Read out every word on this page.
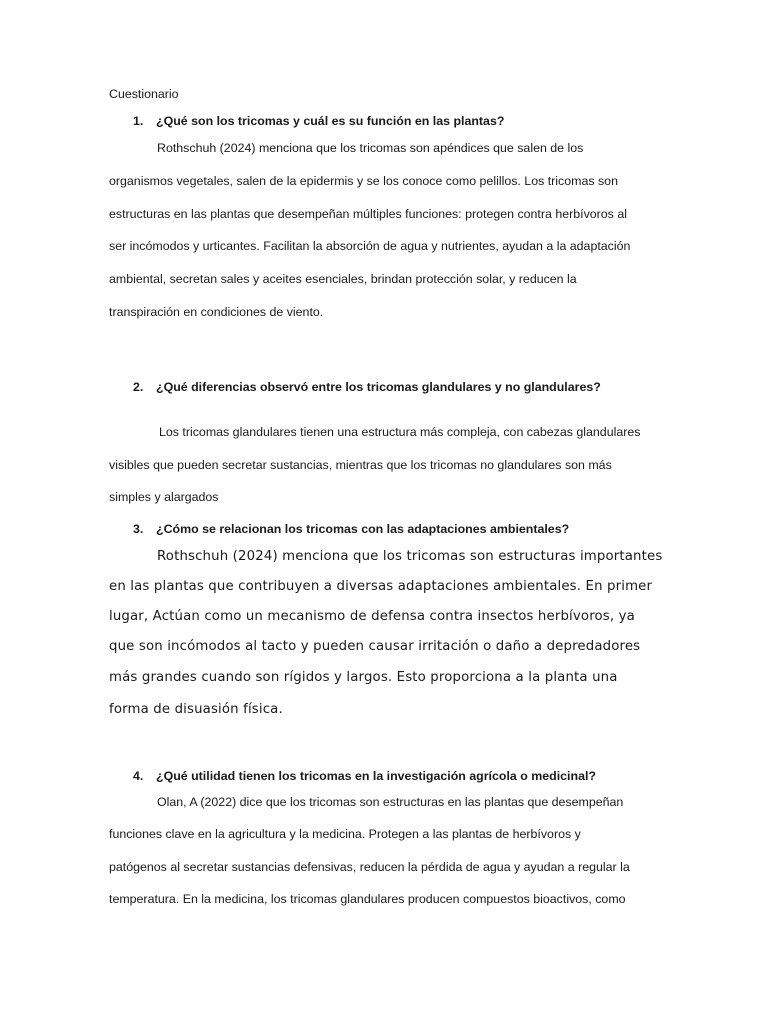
Cuestionario
1. ¿Qué son los tricomas y cuál es su función en las plantas?
Rothschuh (2024) menciona que los tricomas son apéndices que salen de los
organismos vegetales, salen de la epidermis y se los conoce como pelillos. Los tricomas son
estructuras en las plantas que desempeñan múltiples funciones: protegen contra herbívoros al
ser incómodos y urticantes. Facilitan la absorción de agua y nutrientes, ayudan a la adaptación
ambiental, secretan sales y aceites esenciales, brindan protección solar, y reducen la
transpiración en condiciones de viento.
2. ¿Qué diferencias observó entre los tricomas glandulares y no glandulares?
Los tricomas glandulares tienen una estructura más compleja, con cabezas glandulares
visibles que pueden secretar sustancias, mientras que los tricomas no glandulares son más
simples y alargados
3. ¿Cómo se relacionan los tricomas con las adaptaciones ambientales?
Rothschuh (2024) menciona que los tricomas son estructuras importantes
en las plantas que contribuyen a diversas adaptaciones ambientales. En primer
lugar, Actúan como un mecanismo de defensa contra insectos herbívoros, ya
que son incómodos al tacto y pueden causar irritación o daño a depredadores
más grandes cuando son rígidos y largos. Esto proporciona a la planta una
forma de disuasión física.
4. ¿Qué utilidad tienen los tricomas en la investigación agrícola o medicinal?
Olan, A (2022) dice que los tricomas son estructuras en las plantas que desempeñan
funciones clave en la agricultura y la medicina. Protegen a las plantas de herbívoros y
patógenos al secretar sustancias defensivas, reducen la pérdida de agua y ayudan a regular la
temperatura. En la medicina, los tricomas glandulares producen compuestos bioactivos, como
